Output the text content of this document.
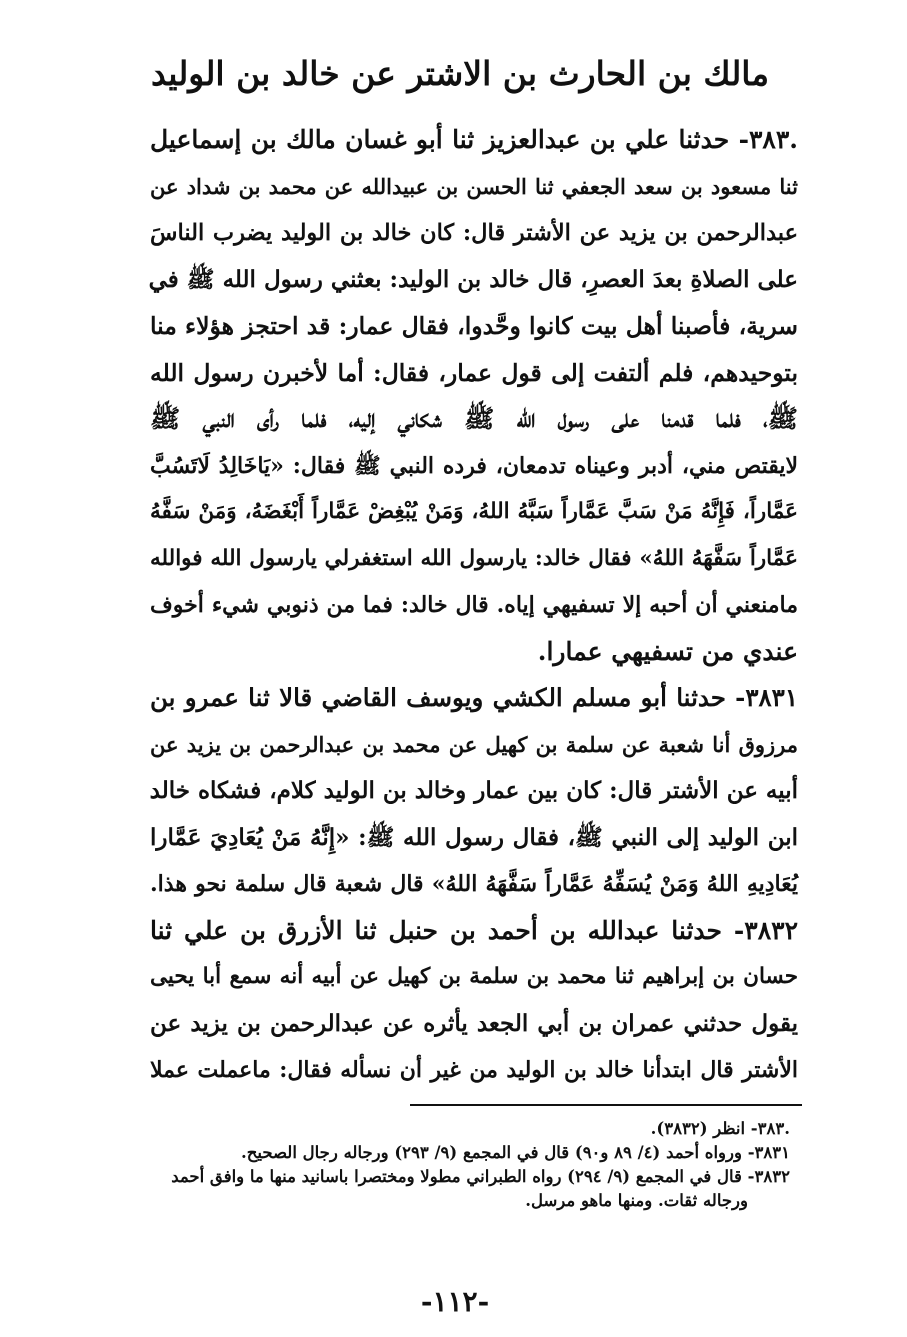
مالك بن الحارث بن الاشتر عن خالد بن الوليد
.٣٨٣- حدثنا علي بن عبدالعزيز ثنا أبو غسان مالك بن إسماعيل
ثنا مسعود بن سعد الجعفي ثنا الحسن بن عبيدالله عن محمد بن شداد عن
عبدالرحمن بن يزيد عن الأشتر قال: كان خالد بن الوليد يضرب الناسَ
على الصلاةِ بعدَ العصرِ، قال خالد بن الوليد: بعثني رسول الله ﷺ في
سرية، فأصبنا أهل بيت كانوا وحَّدوا، فقال عمار: قد احتجز هؤلاء منا
بتوحيدهم، فلم ألتفت إلى قول عمار، فقال: أما لأخبرن رسول الله
ﷺ، فلما قدمنا على رسول الله ﷺ شكاني إليه، فلما رأى النبي ﷺ
لايقتص مني، أدبر وعيناه تدمعان، فرده النبي ﷺ فقال: «يَاخَالِدُ لَاتَسُبَّ
عَمَّاراً، فَإِنَّهُ مَنْ سَبَّ عَمَّاراً سَبَّهُ اللهُ، وَمَنْ يُبْغِضْ عَمَّاراً أَبْغَضَهُ، وَمَنْ سَفَّهُ
عَمَّاراً سَفَّهَهُ اللهُ» فقال خالد: يارسول الله استغفرلي يارسول الله فوالله
مامنعني أن أحبه إلا تسفيهي إياه. قال خالد: فما من ذنوبي شيء أخوف
عندي من تسفيهي عمارا.
٣٨٣١- حدثنا أبو مسلم الكشي ويوسف القاضي قالا ثنا عمرو بن
مرزوق أنا شعبة عن سلمة بن كهيل عن محمد بن عبدالرحمن بن يزيد عن
أبيه عن الأشتر قال: كان بين عمار وخالد بن الوليد كلام، فشكاه خالد
ابن الوليد إلى النبي ﷺ، فقال رسول الله ﷺ: «إِنَّهُ مَنْ يُعَادِيَ عَمَّارا
يُعَادِيهِ اللهُ وَمَنْ يُسَفِّهُ عَمَّاراً سَفَّهَهُ اللهُ» قال شعبة قال سلمة نحو هذا.
٣٨٣٢- حدثنا عبدالله بن أحمد بن حنبل ثنا الأزرق بن علي ثنا
حسان بن إبراهيم ثنا محمد بن سلمة بن كهيل عن أبيه أنه سمع أبا يحيى
يقول حدثني عمران بن أبي الجعد يأثره عن عبدالرحمن بن يزيد عن
الأشتر قال ابتدأنا خالد بن الوليد من غير أن نسأله فقال: ماعملت عملا
.٣٨٣- انظر (٣٨٣٢).
٣٨٣١- ورواه أحمد (٤/ ٨٩ و٩٠) قال في المجمع (٩/ ٢٩٣) ورجاله رجال الصحيح.
٣٨٣٢- قال في المجمع (٩/ ٢٩٤) رواه الطبراني مطولا ومختصرا باسانيد منها ما وافق أحمد
ورجاله ثقات. ومنها ماهو مرسل.
-١١٢-
